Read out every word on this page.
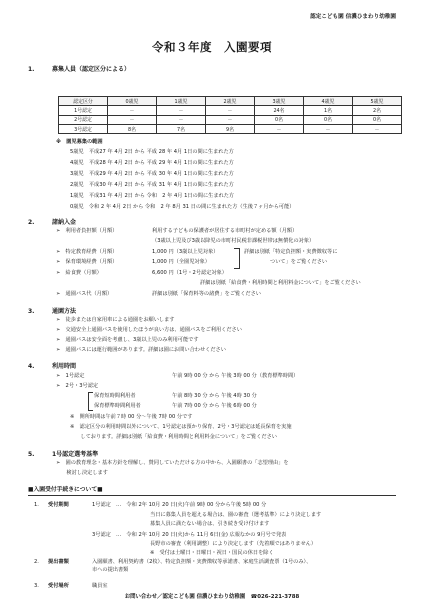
認定こども園 信濃ひまわり幼稚園
令和３年度　入園要項
1.	募集人員（認定区分による）
認定区分	0歳児	1歳児	2歳児	3歳児	4歳児	5歳児
1号認定	－	－	－	24名	1名	2名
2号認定	－	－	－	0名	0名	0名
3号認定	8名	7名	9名	－	－	－
※　園児募集の範囲
5歳児　平成27 年 4月 2日 から 平成 28 年 4月 1日の間に生まれた方
4歳児　平成28 年 4月 2日 から 平成 29 年 4月 1日の間に生まれた方
3歳児　平成29 年 4月 2日 から 平成 30 年 4月 1日の間に生まれた方
2歳児　平成30 年 4月 2日 から 平成 31 年 4月 1日の間に生まれた方
1歳児　平成31 年 4月 2日 から 令和　2 年 4月 1日の間に生まれた方
0歳児　令和 2 年 4月 2日 から 令和　2 年 8月 31 日の間に生まれた方（生後７ヶ月から可能）
2.	諸納入金
➢　利用者負担額（月額）	利用する子どもの保護者が居住する市町村が定める額（月額）
（3歳以上児及び3歳以降児の市町村民税非課税世帯は無償化の対象）
➢　特定教育経費（月額）	1,000 円（3歳以上児対象）
➢　保育環境経費（月額）	1,000 円（全園児対象）
詳細は別紙「特定負担額・実費徴収等に
ついて」をご覧ください
➢　給食費（月額）	6,600 円（1号・2号認定対象）
詳細は別紙「給食費・利用時間と利用料金について」をご覧ください
➢　通園バス代（月額）	詳細は別紙「保育料等の諸費」をご覧ください
3.	通園方法
➢　徒歩または自家用車による通園をお願いします
➢　交通安全上通園バスを使用したほうが良い方は、通園バスをご利用ください
➢　通園バスは安全面を考慮し、3歳以上児のみ利用可能です
➢　通園バスには運行範囲があります。詳細は園にお問い合わせください
4.	利用時間
➢　1号認定	午前 9時 00 分 から 午後 3時 00 分（教育標準時間）
➢　2号・3号認定
保育短時間利用者	午前 8時 30 分 から 午後 4時 30 分
保育標準時間利用者	午前 7時 00 分 から 午後 6時 00 分
※　開所時間は午前７時 00 分～午後 7時 00 分です
※　認定区分の利用時間以外について、1号認定は預かり保育、2号・3号認定は延長保育を実施
　　しております。詳細は別紙「給食費・利用時間と利用料金について」をご覧ください
5.	1号認定選考基準
➢　園の教育理念・基本方針を理解し、賛同していただける方の中から、入園願書の「志望理由」を
　　検討し決定します
■入園受付手続きについて■
1. 受付期間	1号認定　…　令和 2年 10月 20 日(火)午前 9時 00 分から午後 5時 00 分
当日に募集人員を超える場合は、園の審査（選考基準）により決定します
募集人員に満たない場合は、引き続き受け付けます
3号認定　…　令和 2年 10月 20 日(火)から 11月 6日(金) 広報なかの 9月号で発表
長野市の審査（利用調整）により決定します（先着順ではありません）
※　受付は土曜日・日曜日・祝日・国民の休日を除く
2. 提出書類	入園願書、利用契約書（2枚）、特定負担額・実費徴収等承諾書、家庭生活調査票（1号のみ）、
市への提出書類
3. 受付場所	職員室
お問い合わせ／認定こども園 信濃ひまわり幼稚園　☎026-221-3788
